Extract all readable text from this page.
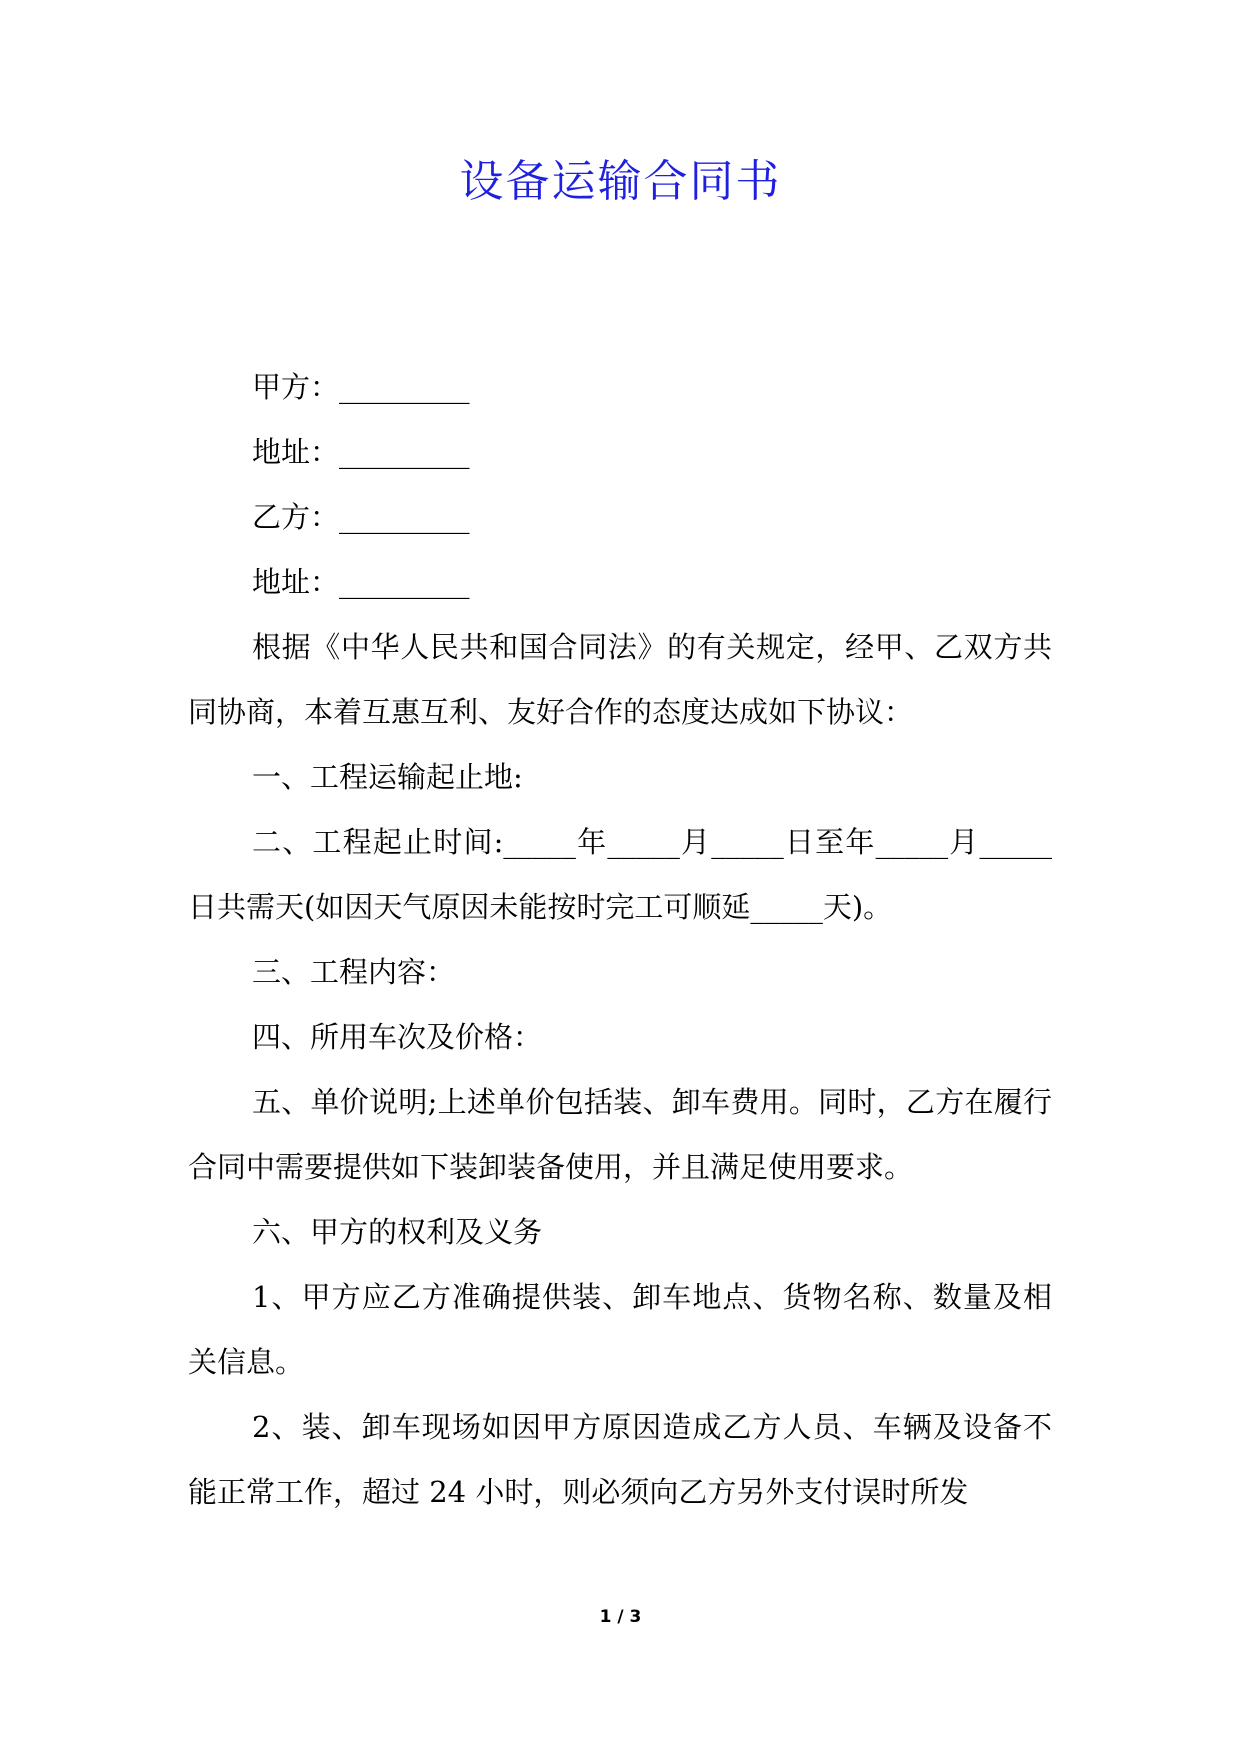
设备运输合同书

甲方：_________

地址：_________

乙方：_________

地址：_________

根据《中华人民共和国合同法》的有关规定，经甲、乙双方共同协商，本着互惠互利、友好合作的态度达成如下协议：

一、工程运输起止地:

二、工程起止时间:_____年_____月_____日至年_____月_____日共需天(如因天气原因未能按时完工可顺延_____天)。

三、工程内容：

四、所用车次及价格：

五、单价说明;上述单价包括装、卸车费用。同时，乙方在履行合同中需要提供如下装卸装备使用，并且满足使用要求。

六、甲方的权利及义务

1、甲方应乙方准确提供装、卸车地点、货物名称、数量及相关信息。

2、装、卸车现场如因甲方原因造成乙方人员、车辆及设备不能正常工作，超过 24 小时，则必须向乙方另外支付误时所发

1 / 3
